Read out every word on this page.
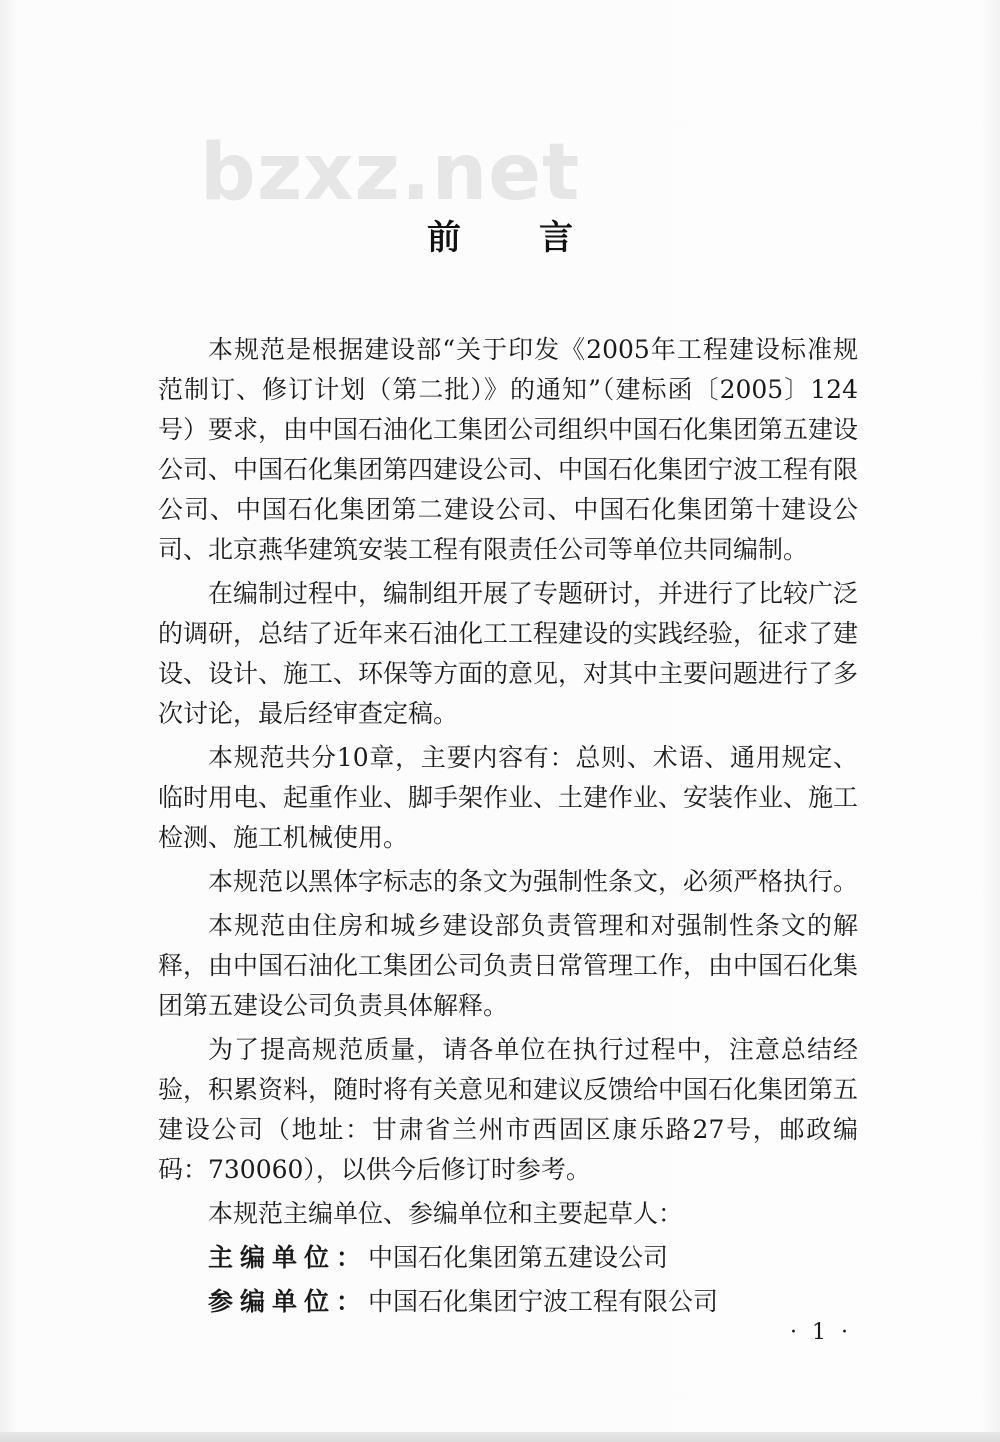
bzxz.net
前 言

本规范是根据建设部“关于印发《2005年工程建设标准规范制订、修订计划（第二批）》的通知”（建标函〔2005〕124号）要求，由中国石油化工集团公司组织中国石化集团第五建设公司、中国石化集团第四建设公司、中国石化集团宁波工程有限公司、中国石化集团第二建设公司、中国石化集团第十建设公司、北京燕华建筑安装工程有限责任公司等单位共同编制。

在编制过程中，编制组开展了专题研讨，并进行了比较广泛的调研，总结了近年来石油化工工程建设的实践经验，征求了建设、设计、施工、环保等方面的意见，对其中主要问题进行了多次讨论，最后经审查定稿。

本规范共分10章，主要内容有：总则、术语、通用规定、临时用电、起重作业、脚手架作业、土建作业、安装作业、施工检测、施工机械使用。

本规范以黑体字标志的条文为强制性条文，必须严格执行。

本规范由住房和城乡建设部负责管理和对强制性条文的解释，由中国石油化工集团公司负责日常管理工作，由中国石化集团第五建设公司负责具体解释。

为了提高规范质量，请各单位在执行过程中，注意总结经验，积累资料，随时将有关意见和建议反馈给中国石化集团第五建设公司（地址：甘肃省兰州市西固区康乐路27号，邮政编码：730060），以供今后修订时参考。

本规范主编单位、参编单位和主要起草人：

主编单位：中国石化集团第五建设公司

参编单位：中国石化集团宁波工程有限公司

· 1 ·
